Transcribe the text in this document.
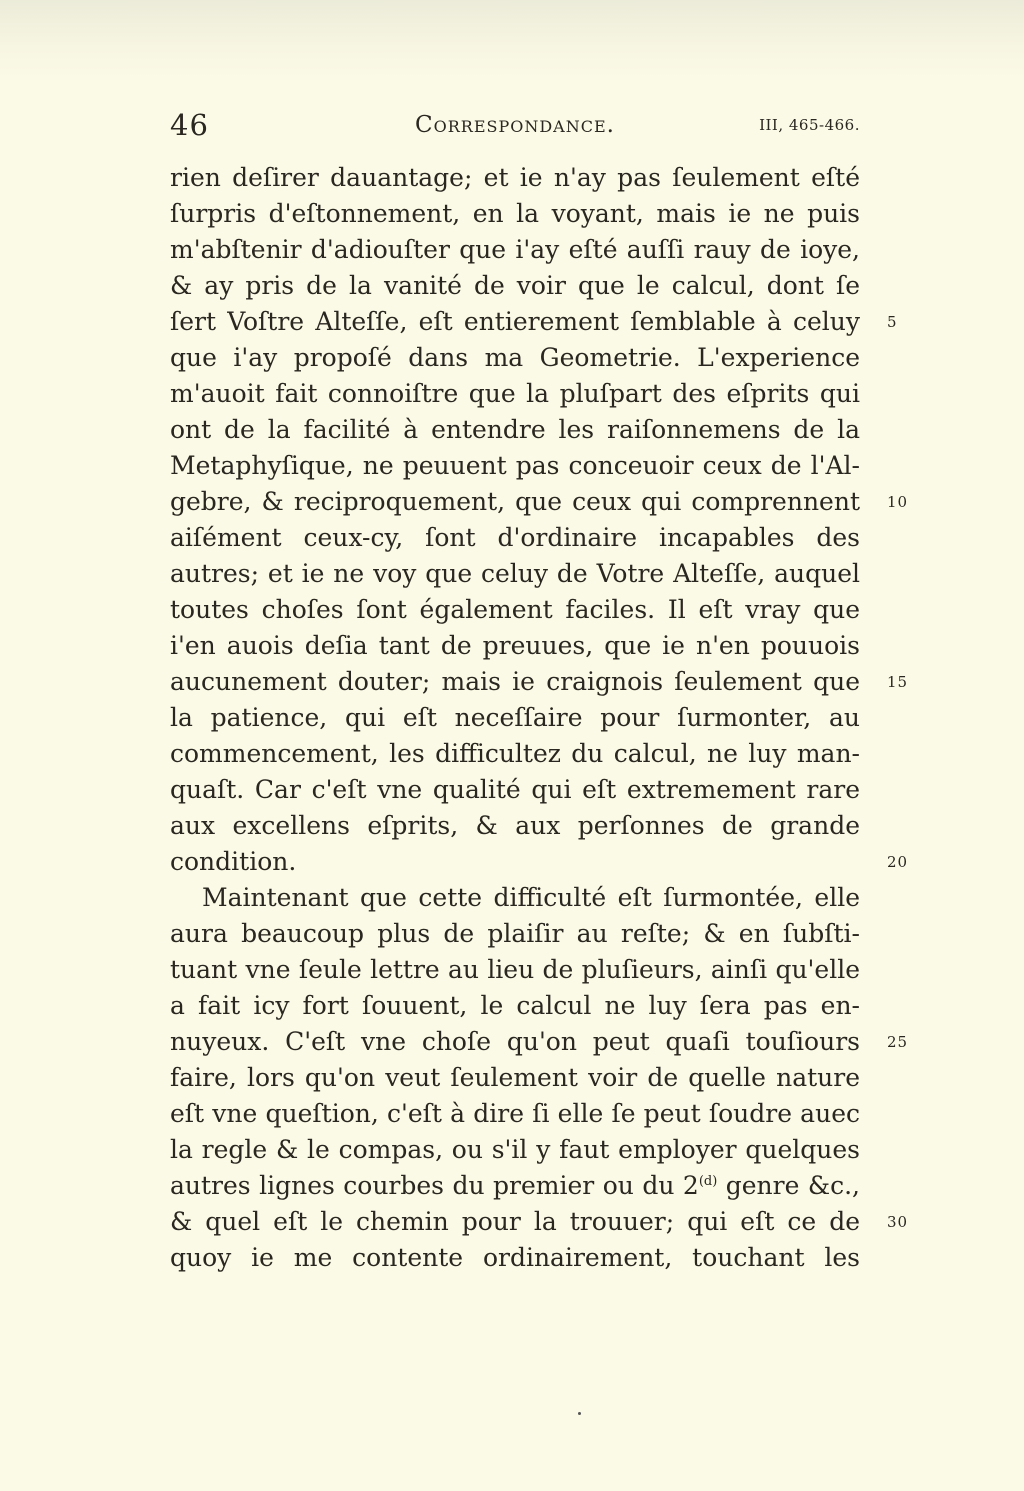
46	Correspondance.	III, 465-466.
rien deſirer dauantage; et ie n'ay pas ſeulement eſté
ſurpris d'eſtonnement, en la voyant, mais ie ne puis
m'abſtenir d'adiouſter que i'ay eſté auſſi rauy de ioye,
& ay pris de la vanité de voir que le calcul, dont ſe
ſert Voſtre Alteſſe, eſt entierement ſemblable à celuy 5
que i'ay propoſé dans ma Geometrie. L'experience
m'auoit fait connoiſtre que la pluſpart des eſprits qui
ont de la facilité à entendre les raiſonnemens de la
Metaphyſique, ne peuuent pas conceuoir ceux de l'Al-
gebre, & reciproquement, que ceux qui comprennent 10
aiſément ceux-cy, ſont d'ordinaire incapables des
autres; et ie ne voy que celuy de Votre Alteſſe, auquel
toutes choſes ſont également faciles. Il eſt vray que
i'en auois deſia tant de preuues, que ie n'en pouuois
aucunement douter; mais ie craignois ſeulement que 15
la patience, qui eſt neceſſaire pour ſurmonter, au
commencement, les difficultez du calcul, ne luy man-
quaſt. Car c'eſt vne qualité qui eſt extremement rare
aux excellens eſprits, & aux perſonnes de grande
condition.	20
Maintenant que cette difficulté eſt ſurmontée, elle
aura beaucoup plus de plaiſir au reſte; & en ſubſti-
tuant vne ſeule lettre au lieu de pluſieurs, ainſi qu'elle
a fait icy fort ſouuent, le calcul ne luy ſera pas en-
nuyeux. C'eſt vne choſe qu'on peut quaſi touſiours 25
faire, lors qu'on veut ſeulement voir de quelle nature
eſt vne queſtion, c'eſt à dire ſi elle ſe peut ſoudre auec
la regle & le compas, ou s'il y faut employer quelques
autres lignes courbes du premier ou du 2$^{(d)}$ genre &c.,
& quel eſt le chemin pour la trouuer; qui eſt ce de 30
quoy ie me contente ordinairement, touchant les
